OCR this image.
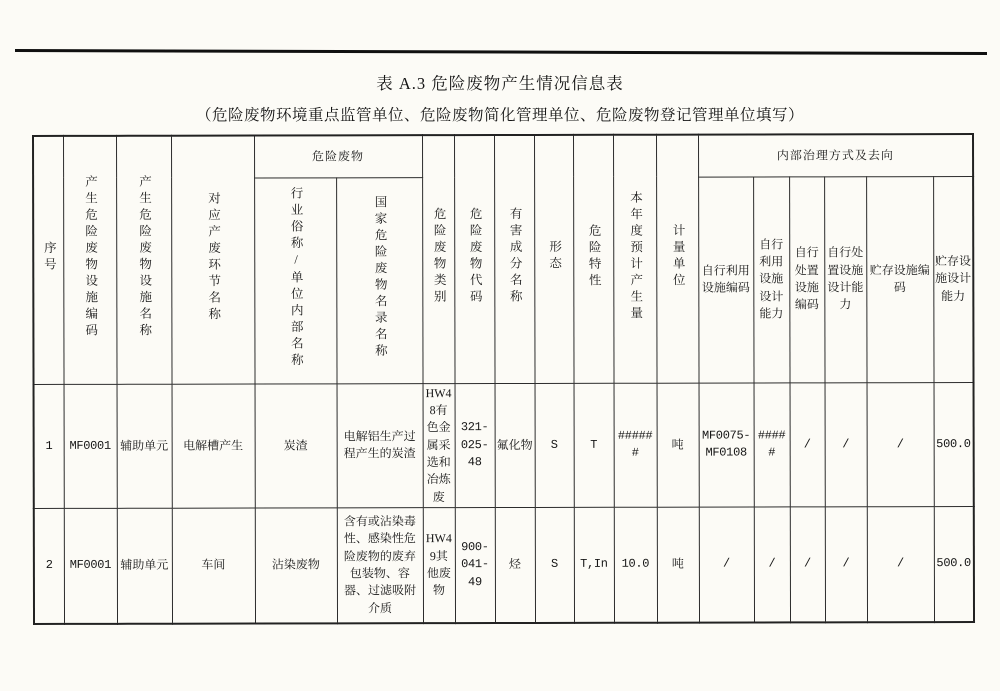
表 A.3 危险废物产生情况信息表
（危险废物环境重点监管单位、危险废物简化管理单位、危险废物登记管理单位填写）
序号	产生危险废物设施编码	产生危险废物设施名称	对应产废环节名称	危险废物		危险废物类别	危险废物代码	有害成分名称	形态	危险特性	本年度预计产生量	计量单位	内部治理方式及去向					
				行业俗称/单位内部名称	国家危险废物名录名称								自行利用设施编码	自行利用设施设计能力	自行处置设施编码	自行处置设施设计能力	贮存设施编码	贮存设施设计能力
1	MF0001	辅助单元	电解槽产生	炭渣	电解铝生产过程产生的炭渣	HW48有色金属采选和冶炼废	321-025-48	氟化物	S	T	######	吨	MF0075-MF0108	#####	/	/	/	500.0
2	MF0001	辅助单元	车间	沾染废物	含有或沾染毒性、感染性危险废物的废弃包装物、容器、过滤吸附介质	HW49其他废物	900-041-49	烃	S	T,In	10.0	吨	/	/	/	/	/	500.0
